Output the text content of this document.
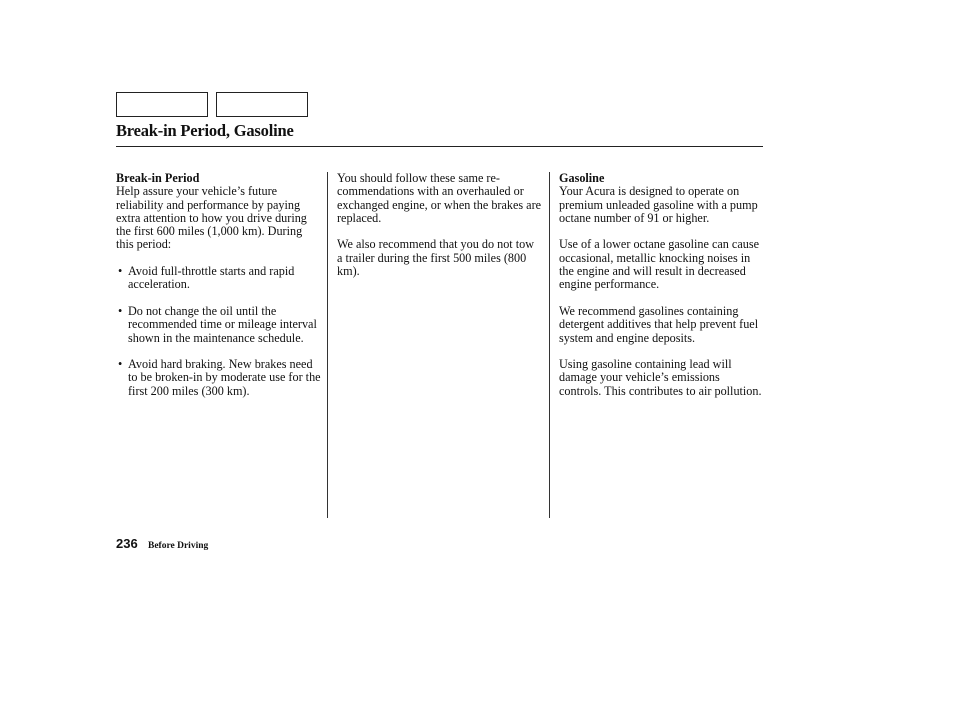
Break-in Period, Gasoline
Break-in Period

Help assure your vehicle’s future reliability and performance by paying extra attention to how you drive during the first 600 miles (1,000 km). During this period:

• Avoid full-throttle starts and rapid acceleration.
• Do not change the oil until the recommended time or mileage interval shown in the maintenance schedule.
• Avoid hard braking. New brakes need to be broken-in by moderate use for the first 200 miles (300 km).

You should follow these same re-commendations with an overhauled or exchanged engine, or when the brakes are replaced.

We also recommend that you do not tow a trailer during the first 500 miles (800 km).

Gasoline

Your Acura is designed to operate on premium unleaded gasoline with a pump octane number of 91 or higher.

Use of a lower octane gasoline can cause occasional, metallic knocking noises in the engine and will result in decreased engine performance.

We recommend gasolines containing detergent additives that help prevent fuel system and engine deposits.

Using gasoline containing lead will damage your vehicle’s emissions controls. This contributes to air pollution.

236 Before Driving
